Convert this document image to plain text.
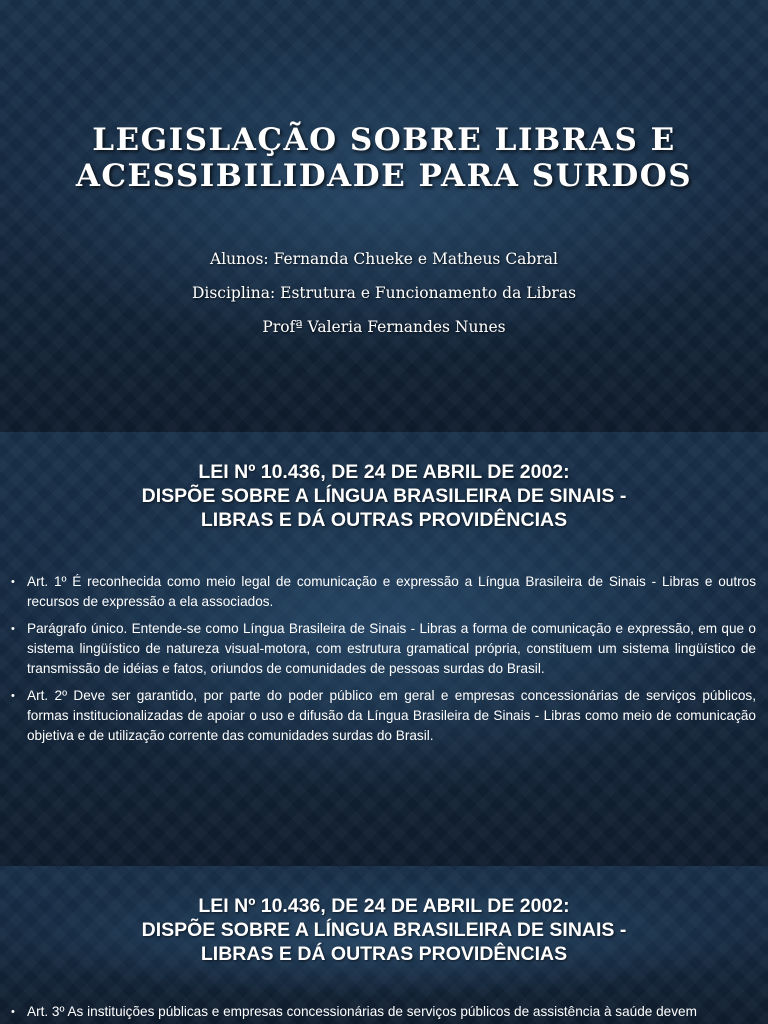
LEGISLAÇÃO SOBRE LIBRAS E
ACESSIBILIDADE PARA SURDOS
Alunos: Fernanda Chueke e Matheus Cabral
Disciplina: Estrutura e Funcionamento da Libras
Profª Valeria Fernandes Nunes
LEI Nº 10.436, DE 24 DE ABRIL DE 2002:
DISPÕE SOBRE A LÍNGUA BRASILEIRA DE SINAIS -
LIBRAS E DÁ OUTRAS PROVIDÊNCIAS
• Art. 1º É reconhecida como meio legal de comunicação e expressão a Língua Brasileira de Sinais - Libras e outros recursos de expressão a ela associados.
• Parágrafo único. Entende-se como Língua Brasileira de Sinais - Libras a forma de comunicação e expressão, em que o sistema lingüístico de natureza visual-motora, com estrutura gramatical própria, constituem um sistema lingüístico de transmissão de idéias e fatos, oriundos de comunidades de pessoas surdas do Brasil.
• Art. 2º Deve ser garantido, por parte do poder público em geral e empresas concessionárias de serviços públicos, formas institucionalizadas de apoiar o uso e difusão da Língua Brasileira de Sinais - Libras como meio de comunicação objetiva e de utilização corrente das comunidades surdas do Brasil.
LEI Nº 10.436, DE 24 DE ABRIL DE 2002:
DISPÕE SOBRE A LÍNGUA BRASILEIRA DE SINAIS -
LIBRAS E DÁ OUTRAS PROVIDÊNCIAS
• Art. 3º As instituições públicas e empresas concessionárias de serviços públicos de assistência à saúde devem
